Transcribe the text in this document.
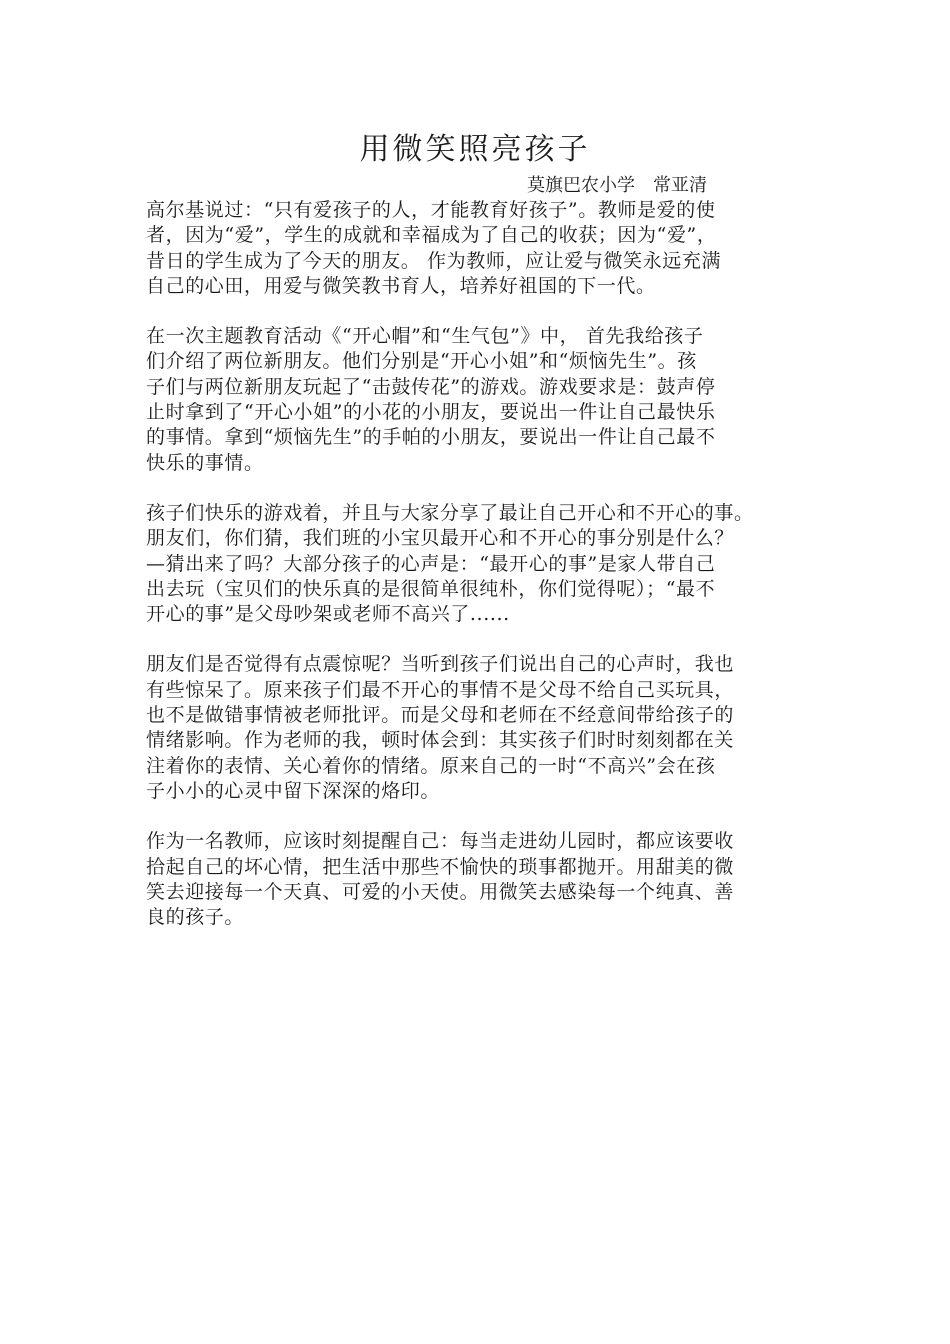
用微笑照亮孩子
莫旗巴农小学　常亚清
高尔基说过：“只有爱孩子的人，才能教育好孩子”。教师是爱的使
者，因为“爱”，学生的成就和幸福成为了自己的收获；因为“爱”，
昔日的学生成为了今天的朋友。 作为教师，应让爱与微笑永远充满
自己的心田，用爱与微笑教书育人，培养好祖国的下一代。
在一次主题教育活动《“开心帽”和“生气包”》中， 首先我给孩子
们介绍了两位新朋友。他们分别是“开心小姐”和“烦恼先生”。孩
子们与两位新朋友玩起了“击鼓传花”的游戏。游戏要求是：鼓声停
止时拿到了“开心小姐”的小花的小朋友，要说出一件让自己最快乐
的事情。拿到“烦恼先生”的手帕的小朋友，要说出一件让自己最不
快乐的事情。
孩子们快乐的游戏着，并且与大家分享了最让自己开心和不开心的事。
朋友们，你们猜，我们班的小宝贝最开心和不开心的事分别是什么？
—猜出来了吗？大部分孩子的心声是：“最开心的事”是家人带自己
出去玩（宝贝们的快乐真的是很简单很纯朴，你们觉得呢）；“最不
开心的事”是父母吵架或老师不高兴了......
朋友们是否觉得有点震惊呢？当听到孩子们说出自己的心声时，我也
有些惊呆了。原来孩子们最不开心的事情不是父母不给自己买玩具，
也不是做错事情被老师批评。而是父母和老师在不经意间带给孩子的
情绪影响。作为老师的我，顿时体会到：其实孩子们时时刻刻都在关
注着你的表情、关心着你的情绪。原来自己的一时“不高兴”会在孩
子小小的心灵中留下深深的烙印。
作为一名教师，应该时刻提醒自己：每当走进幼儿园时，都应该要收
拾起自己的坏心情，把生活中那些不愉快的琐事都抛开。用甜美的微
笑去迎接每一个天真、可爱的小天使。用微笑去感染每一个纯真、善
良的孩子。
